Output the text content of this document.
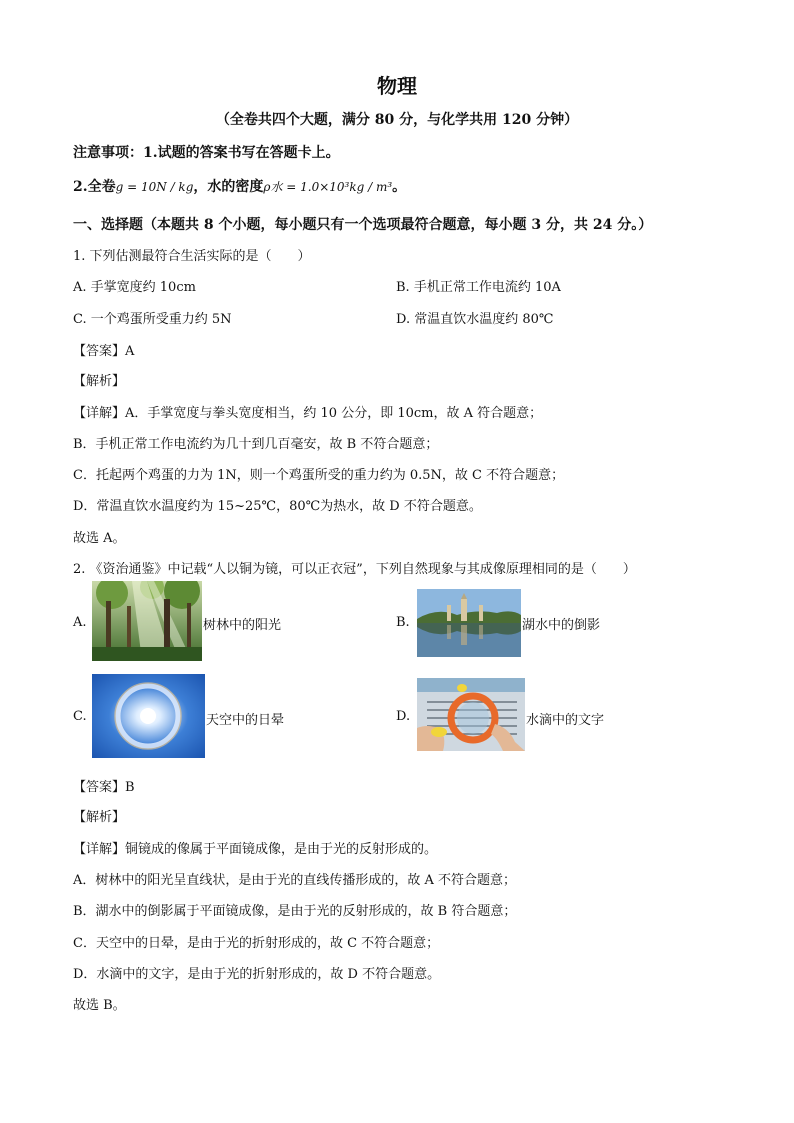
物理
（全卷共四个大题，满分 80 分，与化学共用 120 分钟）
注意事项：1.试题的答案书写在答题卡上。
2.全卷g = 10N / kg，水的密度ρ水 = 1.0×10³kg / m³。
一、选择题（本题共 8 个小题，每小题只有一个选项最符合题意，每小题 3 分，共 24 分。）
1. 下列估测最符合生活实际的是（　　）
A. 手掌宽度约 10cm	B. 手机正常工作电流约 10A
C. 一个鸡蛋所受重力约 5N	D. 常温直饮水温度约 80℃
【答案】A
【解析】
【详解】A．手掌宽度与拳头宽度相当，约 10 公分，即 10cm，故 A 符合题意；
B．手机正常工作电流约为几十到几百毫安，故 B 不符合题意；
C．托起两个鸡蛋的力为 1N，则一个鸡蛋所受的重力约为 0.5N，故 C 不符合题意；
D．常温直饮水温度约为 15~25℃，80℃为热水，故 D 不符合题意。
故选 A。
2. 《资治通鉴》中记载“人以铜为镜，可以正衣冠”，下列自然现象与其成像原理相同的是（　　）
A.	树林中的阳光	B.	湖水中的倒影
C.	天空中的日晕	D.	水滴中的文字
【答案】B
【解析】
【详解】铜镜成的像属于平面镜成像，是由于光的反射形成的。
A．树林中的阳光呈直线状，是由于光的直线传播形成的，故 A 不符合题意；
B．湖水中的倒影属于平面镜成像，是由于光的反射形成的，故 B 符合题意；
C．天空中的日晕，是由于光的折射形成的，故 C 不符合题意；
D．水滴中的文字，是由于光的折射形成的，故 D 不符合题意。
故选 B。
